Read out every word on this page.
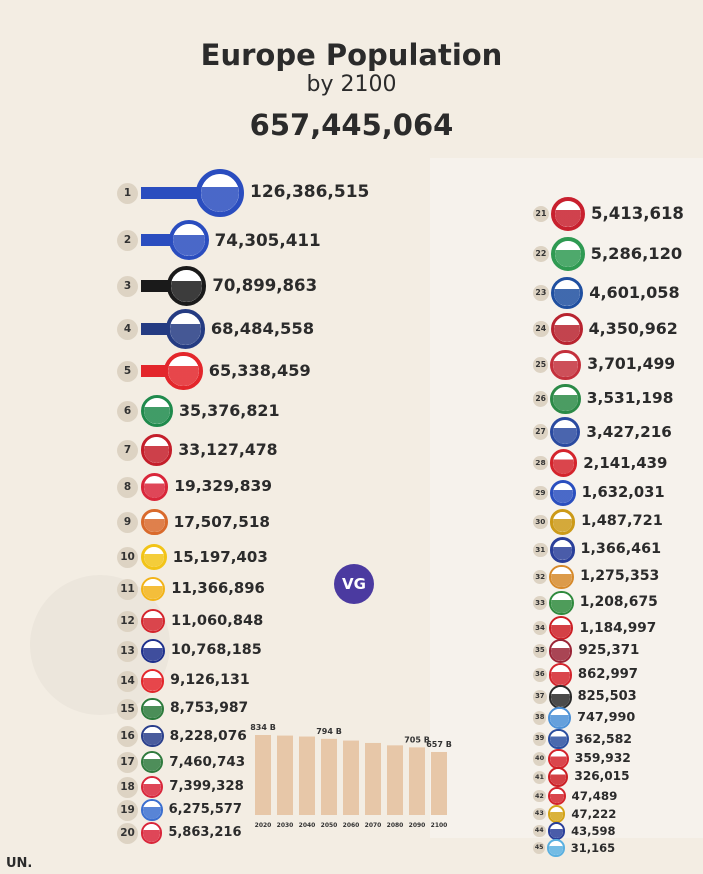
Europe Population
by 2100
657,445,064
VG
1	126,386,515
2	74,305,411
3	70,899,863
4	68,484,558
5	65,338,459
6	35,376,821
7	33,127,478
8	19,329,839
9	17,507,518
10	15,197,403
11 11,366,896
12 11,060,848
13	10,768,185
14 9,126,131
15	8,753,987
16	8,228,076
17	7,460,743
18	7,399,328
19	6,275,577
20	5,863,216
21	5,413,618
22	5,286,120
23	4,601,058
24	4,350,962
25	3,701,499
26	3,531,198
27	3,427,216
28	2,141,439
29 1,632,031
30 1,487,721
31 1,366,461
32 1,275,353
33	1,208,675
34	1,184,997
35	925,371
36	862,997
37	825,503
38	747,990
39 362,582
40 359,932
41	326,015
42 47,489
43 47,222
44 43,598
45 31,165
2020
834 B
2030 2040 2050
794 B
2060 2070 2080 2090
705 B
2100
657 B
UN.
